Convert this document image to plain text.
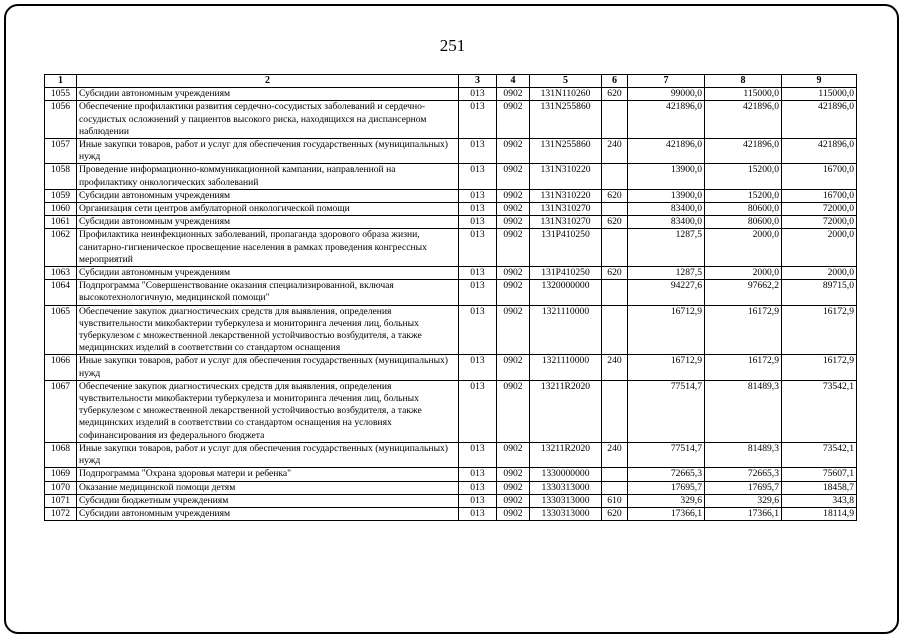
251
1	2	3	4	5	6	7	8	9
1055	Субсидии автономным учреждениям	013	0902	131N110260	620	99000,0	115000,0	115000,0
1056	Обеспечение профилактики развития сердечно-сосудистых заболеваний и сердечно-сосудистых осложнений у пациентов высокого риска, находящихся на диспансерном наблюдении	013	0902	131N255860		421896,0	421896,0	421896,0
1057	Иные закупки товаров, работ и услуг для обеспечения государственных (муниципальных) нужд	013	0902	131N255860	240	421896,0	421896,0	421896,0
1058	Проведение информационно-коммуникационной кампании, направленной на профилактику онкологических заболеваний	013	0902	131N310220		13900,0	15200,0	16700,0
1059	Субсидии автономным учреждениям	013	0902	131N310220	620	13900,0	15200,0	16700,0
1060	Организация сети центров амбулаторной онкологической помощи	013	0902	131N310270		83400,0	80600,0	72000,0
1061	Субсидии автономным учреждениям	013	0902	131N310270	620	83400,0	80600,0	72000,0
1062	Профилактика неинфекционных заболеваний, пропаганда здорового образа жизни, санитарно-гигиеническое просвещение населения в рамках проведения конгрессных мероприятий	013	0902	131P410250		1287,5	2000,0	2000,0
1063	Субсидии автономным учреждениям	013	0902	131P410250	620	1287,5	2000,0	2000,0
1064	Подпрограмма "Совершенствование оказания специализированной, включая высокотехнологичную, медицинской помощи"	013	0902	1320000000		94227,6	97662,2	89715,0
1065	Обеспечение закупок диагностических средств для выявления, определения чувствительности микобактерии туберкулеза и мониторинга лечения лиц, больных туберкулезом с множественной лекарственной устойчивостью возбудителя, а также медицинских изделий в соответствии со стандартом оснащения	013	0902	1321110000		16712,9	16172,9	16172,9
1066	Иные закупки товаров, работ и услуг для обеспечения государственных (муниципальных) нужд	013	0902	1321110000	240	16712,9	16172,9	16172,9
1067	Обеспечение закупок диагностических средств для выявления, определения чувствительности микобактерии туберкулеза и мониторинга лечения лиц, больных туберкулезом с множественной лекарственной устойчивостью возбудителя, а также медицинских изделий в соответствии со стандартом оснащения на условиях софинансирования из федерального бюджета	013	0902	13211R2020		77514,7	81489,3	73542,1
1068	Иные закупки товаров, работ и услуг для обеспечения государственных (муниципальных) нужд	013	0902	13211R2020	240	77514,7	81489,3	73542,1
1069	Подпрограмма "Охрана здоровья матери и ребенка"	013	0902	1330000000		72665,3	72665,3	75607,1
1070	Оказание медицинской помощи детям	013	0902	1330313000		17695,7	17695,7	18458,7
1071	Субсидии бюджетным учреждениям	013	0902	1330313000	610	329,6	329,6	343,8
1072	Субсидии автономным учреждениям	013	0902	1330313000	620	17366,1	17366,1	18114,9
